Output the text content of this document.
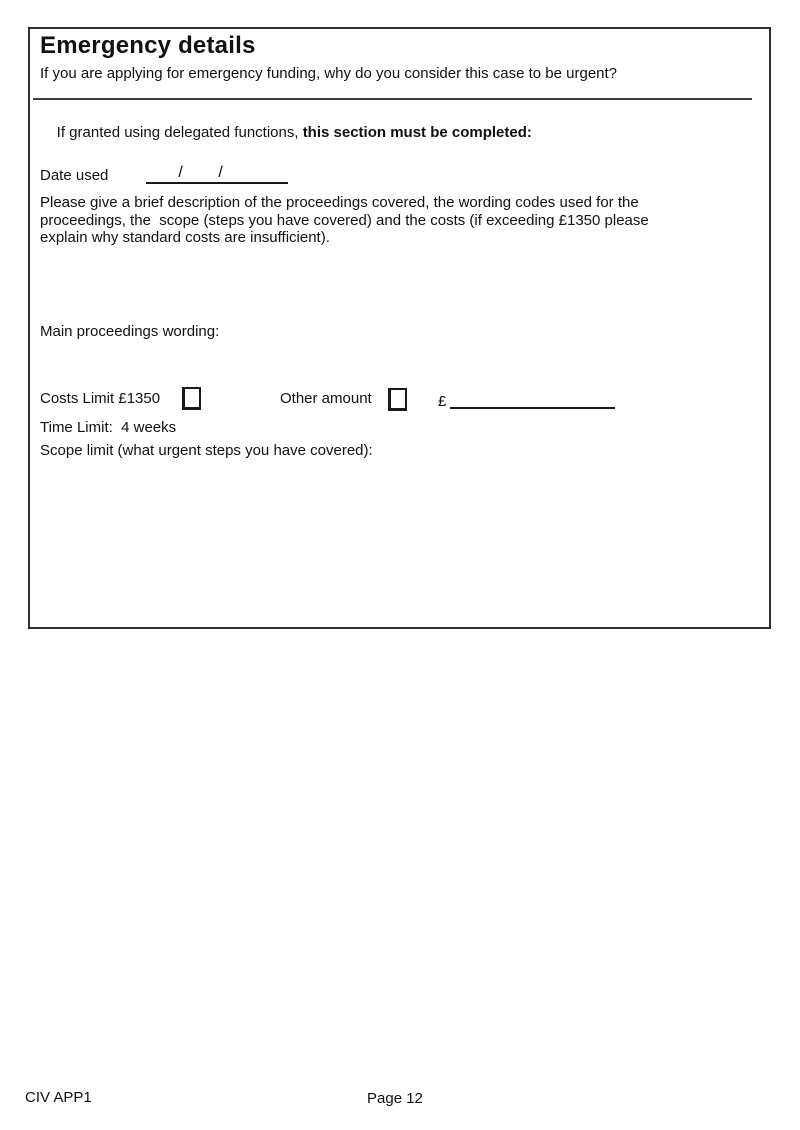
Emergency details
If you are applying for emergency funding, why do you consider this case to be urgent?

If granted using delegated functions, this section must be completed:

Date used	/ /
Please give a brief description of the proceedings covered, the wording codes used for the
proceedings, the  scope (steps you have covered) and the costs (if exceeding £1350 please
explain why standard costs are insufficient).
Main proceedings wording:
Costs Limit £1350	Other amount	£
Time Limit:  4 weeks
Scope limit (what urgent steps you have covered):
CIV APP1	Page 12
